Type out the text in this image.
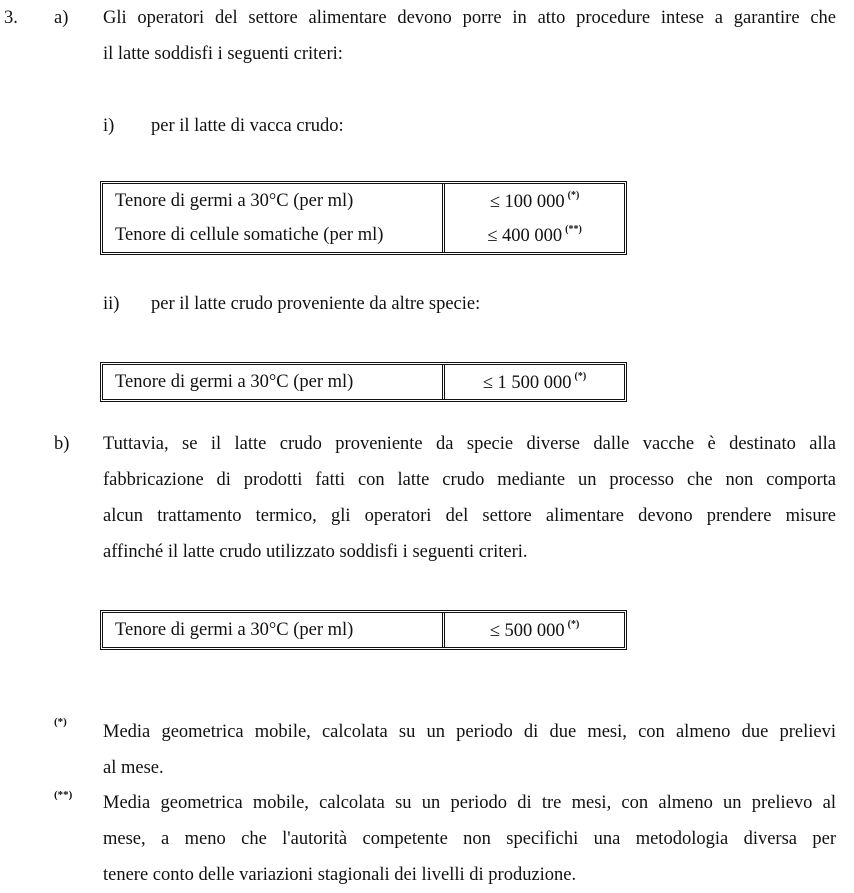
3. a) Gli operatori del settore alimentare devono porre in atto procedure intese a garantire che
il latte soddisfi i seguenti criteri:
i) per il latte di vacca crudo:
Tenore di germi a 30°C (per ml)	≤ 100 000 (*)
Tenore di cellule somatiche (per ml)	≤ 400 000 (**)
ii) per il latte crudo proveniente da altre specie:
Tenore di germi a 30°C (per ml)	≤ 1 500 000 (*)
b) Tuttavia, se il latte crudo proveniente da specie diverse dalle vacche è destinato alla
fabbricazione di prodotti fatti con latte crudo mediante un processo che non comporta
alcun trattamento termico, gli operatori del settore alimentare devono prendere misure
affinché il latte crudo utilizzato soddisfi i seguenti criteri.
Tenore di germi a 30°C (per ml)	≤ 500 000 (*)
(*) Media geometrica mobile, calcolata su un periodo di due mesi, con almeno due prelievi
al mese.
(**) Media geometrica mobile, calcolata su un periodo di tre mesi, con almeno un prelievo al
mese, a meno che l'autorità competente non specifichi una metodologia diversa per
tenere conto delle variazioni stagionali dei livelli di produzione.
